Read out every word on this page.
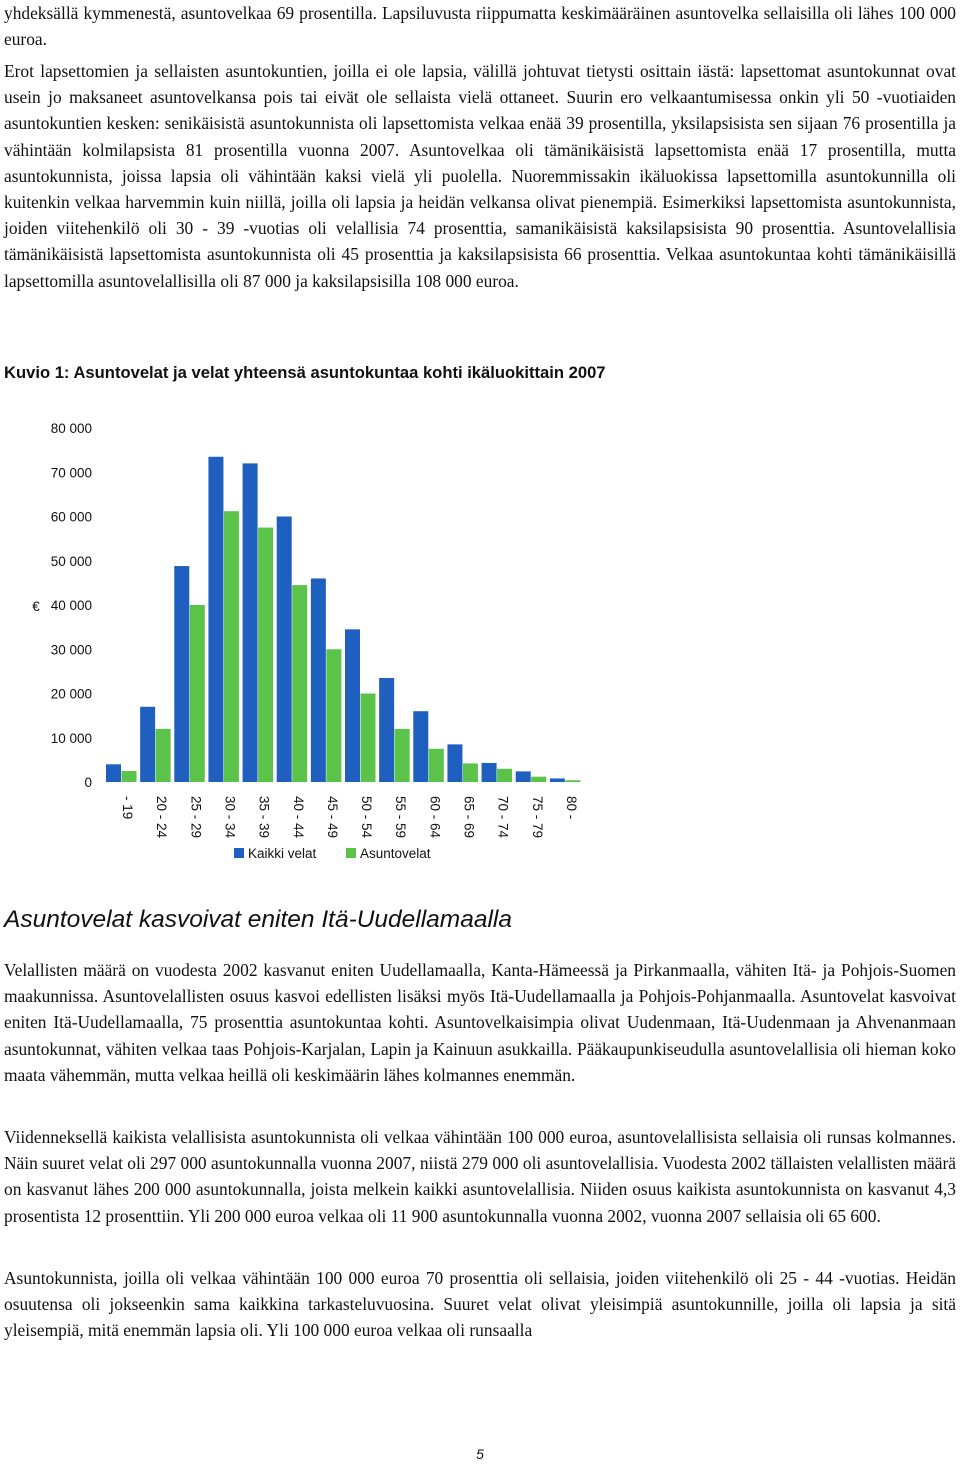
yhdeksällä kymmenestä, asuntovelkaa 69 prosentilla. Lapsiluvusta riippumatta keskimääräinen asuntovelka sellaisilla oli lähes 100 000 euroa.

Erot lapsettomien ja sellaisten asuntokuntien, joilla ei ole lapsia, välillä johtuvat tietysti osittain iästä: lapsettomat asuntokunnat ovat usein jo maksaneet asuntovelkansa pois tai eivät ole sellaista vielä ottaneet. Suurin ero velkaantumisessa onkin yli 50 -vuotiaiden asuntokuntien kesken: senikäisistä asuntokunnista oli lapsettomista velkaa enää 39 prosentilla, yksilapsisista sen sijaan 76 prosentilla ja vähintään kolmilapsista 81 prosentilla vuonna 2007. Asuntovelkaa oli tämänikäisistä lapsettomista enää 17 prosentilla, mutta asuntokunnista, joissa lapsia oli vähintään kaksi vielä yli puolella. Nuoremmissakin ikäluokissa lapsettomilla asuntokunnilla oli kuitenkin velkaa harvemmin kuin niillä, joilla oli lapsia ja heidän velkansa olivat pienempiä. Esimerkiksi lapsettomista asuntokunnista, joiden viitehenkilö oli 30 - 39 -vuotias oli velallisia 74 prosenttia, samanikäisistä kaksilapsisista 90 prosenttia. Asuntovelallisia tämänikäisistä lapsettomista asuntokunnista oli 45 prosenttia ja kaksilapsisista 66 prosenttia. Velkaa asuntokuntaa kohti tämänikäisillä lapsettomilla asuntovelallisilla oli 87 000 ja kaksilapsisilla 108 000 euroa.

Kuvio 1: Asuntovelat ja velat yhteensä asuntokuntaa kohti ikäluokittain 2007
0
10 000
20 000
30 000
40 000
50 000
60 000
70 000
80 000
- 19 20 - 24 25 - 29 30 - 34 35 - 39 40 - 44 45 - 49 50 - 54 55 - 59 60 - 64 65 - 69 70 - 74 75 - 79 80 -
€
Kaikki velat	Asuntovelat
Asuntovelat kasvoivat eniten Itä-Uudellamaalla

Velallisten määrä on vuodesta 2002 kasvanut eniten Uudellamaalla, Kanta-Hämeessä ja Pirkanmaalla, vähiten Itä- ja Pohjois-Suomen maakunnissa. Asuntovelallisten osuus kasvoi edellisten lisäksi myös Itä-Uudellamaalla ja Pohjois-Pohjanmaalla. Asuntovelat kasvoivat eniten Itä-Uudellamaalla, 75 prosenttia asuntokuntaa kohti. Asuntovelkaisimpia olivat Uudenmaan, Itä-Uudenmaan ja Ahvenanmaan asuntokunnat, vähiten velkaa taas Pohjois-Karjalan, Lapin ja Kainuun asukkailla. Pääkaupunkiseudulla asuntovelallisia oli hieman koko maata vähemmän, mutta velkaa heillä oli keskimäärin lähes kolmannes enemmän.

Viidenneksellä kaikista velallisista asuntokunnista oli velkaa vähintään 100 000 euroa, asuntovelallisista sellaisia oli runsas kolmannes. Näin suuret velat oli 297 000 asuntokunnalla vuonna 2007, niistä 279 000 oli asuntovelallisia. Vuodesta 2002 tällaisten velallisten määrä on kasvanut lähes 200 000 asuntokunnalla, joista melkein kaikki asuntovelallisia. Niiden osuus kaikista asuntokunnista on kasvanut 4,3 prosentista 12 prosenttiin. Yli 200 000 euroa velkaa oli 11 900 asuntokunnalla vuonna 2002, vuonna 2007 sellaisia oli 65 600.

Asuntokunnista, joilla oli velkaa vähintään 100 000 euroa 70 prosenttia oli sellaisia, joiden viitehenkilö oli 25 - 44 -vuotias. Heidän osuutensa oli jokseenkin sama kaikkina tarkasteluvuosina. Suuret velat olivat yleisimpiä asuntokunnille, joilla oli lapsia ja sitä yleisempiä, mitä enemmän lapsia oli. Yli 100 000 euroa velkaa oli runsaalla

5
